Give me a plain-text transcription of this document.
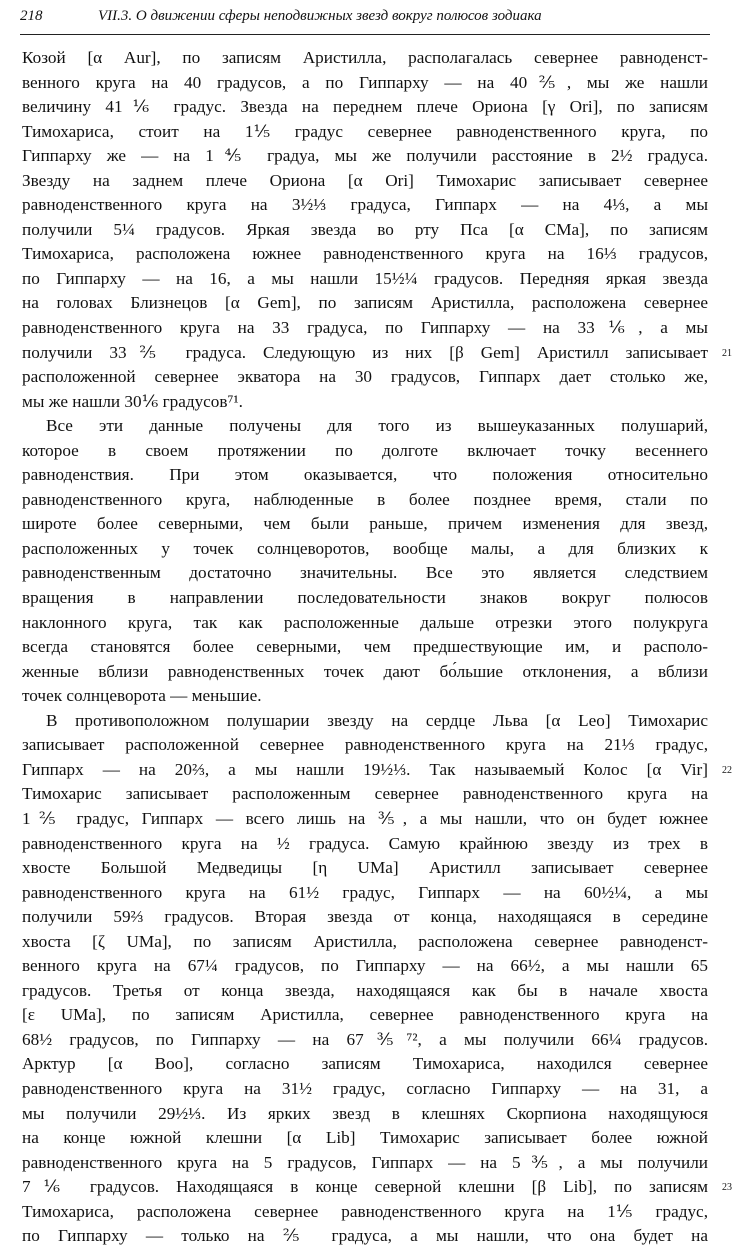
218	VII.3. О движении сферы неподвижных звезд вокруг полюсов зодиака
Козой [α Aur], по записям Аристилла, располагалась севернее равноденст-
венного круга на 40 градусов, а по Гиппарху — на 40⅖, мы же нашли
величину 41⅙ градус. Звезда на переднем плече Ориона [γ Ori], по записям
Тимохариса, стоит на 1⅕ градус севернее равноденственного круга, по
Гиппарху же — на 1⅘ градуа, мы же получили расстояние в 2½ градуса.
Звезду на заднем плече Ориона [α Ori] Тимохарис записывает севернее
равноденственного круга на 3½⅓ градуса, Гиппарх — на 4⅓, а мы
получили 5¼ градусов. Яркая звезда во рту Пса [α CMa], по записям
Тимохариса, расположена южнее равноденственного круга на 16⅓ градусов,
по Гиппарху — на 16, а мы нашли 15½¼ градусов. Передняя яркая звезда
на головах Близнецов [α Gem], по записям Аристилла, расположена севернее
равноденственного круга на 33 градуса, по Гиппарху — на 33⅙, а мы
получили 33⅖ градуса. Следующую из них [β Gem] Аристилл записывает
расположенной севернее экватора на 30 градусов, Гиппарх дает столько же,
мы же нашли 30⅙ градусов⁷¹.
Все эти данные получены для того из вышеуказанных полушарий,
которое в своем протяжении по долготе включает точку весеннего
равноденствия. При этом оказывается, что положения относительно
равноденственного круга, наблюденные в более позднее время, стали по
широте более северными, чем были раньше, причем изменения для звезд,
расположенных у точек солнцеворотов, вообще малы, а для близких к
равноденственным достаточно значительны. Все это является следствием
вращения в направлении последовательности знаков вокруг полюсов
наклонного круга, так как расположенные дальше отрезки этого полукруга
всегда становятся более северными, чем предшествующие им, и располо-
женные вблизи равноденственных точек дают бо́льшие отклонения, а вблизи
точек солнцеворота — меньшие.
В противоположном полушарии звезду на сердце Льва [α Leo] Тимохарис
записывает расположенной севернее равноденственного круга на 21⅓ градус,
Гиппарх — на 20⅔, а мы нашли 19½⅓. Так называемый Колос [α Vir]
Тимохарис записывает расположенным севернее равноденственного круга на
1⅖ градус, Гиппарх — всего лишь на ⅗, а мы нашли, что он будет южнее
равноденственного круга на ½ градуса. Самую крайнюю звезду из трех в
хвосте Большой Медведицы [η UMa] Аристилл записывает севернее
равноденственного круга на 61½ градус, Гиппарх — на 60½¼, а мы
получили 59⅔ градусов. Вторая звезда от конца, находящаяся в середине
хвоста [ζ UMa], по записям Аристилла, расположена севернее равноденст-
венного круга на 67¼ градусов, по Гиппарху — на 66½, а мы нашли 65
градусов. Третья от конца звезда, находящаяся как бы в начале хвоста
[ε UMa], по записям Аристилла, севернее равноденственного круга на
68½ градусов, по Гиппарху — на 67⅗⁷², а мы получили 66¼ градусов.
Арктур [α Boo], согласно записям Тимохариса, находился севернее
равноденственного круга на 31½ градус, согласно Гиппарху — на 31, а
мы получили 29½⅓. Из ярких звезд в клешнях Скорпиона находящуюся
на конце южной клешни [α Lib] Тимохарис записывает более южной
равноденственного круга на 5 градусов, Гиппарх — на 5⅗, а мы получили
7⅙ градусов. Находящаяся в конце северной клешни [β Lib], по записям
Тимохариса, расположена севернее равноденственного круга на 1⅕ градус,
по Гиппарху — только на ⅖ градуса, а мы нашли, что она будет на
21
22
23
